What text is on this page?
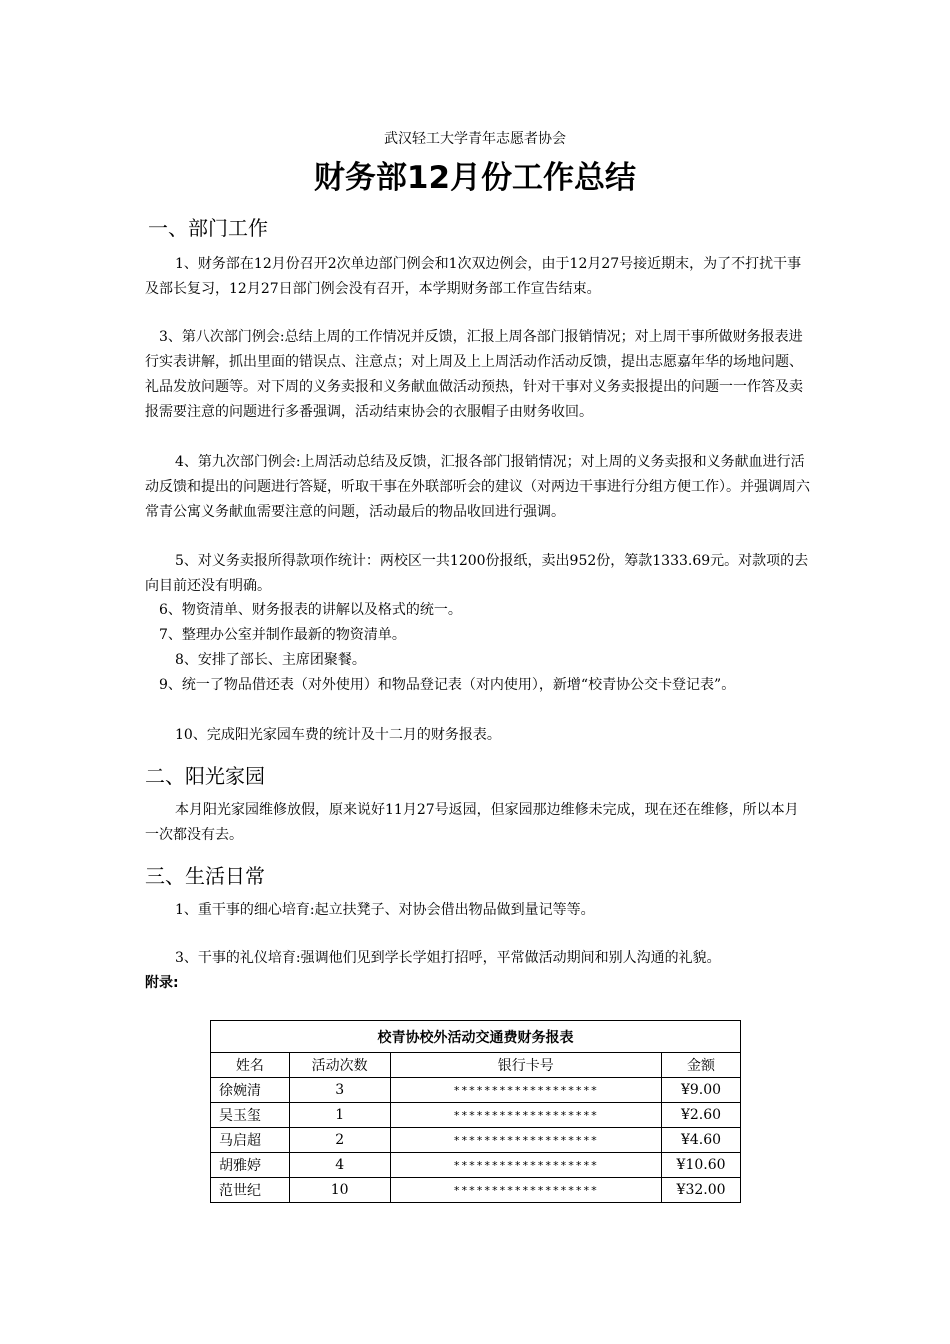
武汉轻工大学青年志愿者协会
财务部12月份工作总结
一、部门工作

1、财务部在12月份召开2次单边部门例会和1次双边例会，由于12月27号接近期末，为了不打扰干事及部长复习，12月27日部门例会没有召开，本学期财务部工作宣告结束。

3、第八次部门例会:总结上周的工作情况并反馈，汇报上周各部门报销情况；对上周干事所做财务报表进行实表讲解，抓出里面的错误点、注意点；对上周及上上周活动作活动反馈，提出志愿嘉年华的场地问题、礼品发放问题等。对下周的义务卖报和义务献血做活动预热，针对干事对义务卖报提出的问题一一作答及卖报需要注意的问题进行多番强调，活动结束协会的衣服帽子由财务收回。

4、第九次部门例会:上周活动总结及反馈，汇报各部门报销情况；对上周的义务卖报和义务献血进行活动反馈和提出的问题进行答疑，听取干事在外联部听会的建议（对两边干事进行分组方便工作）。并强调周六常青公寓义务献血需要注意的问题，活动最后的物品收回进行强调。

5、对义务卖报所得款项作统计：两校区一共1200份报纸，卖出952份，筹款1333.69元。对款项的去向目前还没有明确。

6、物资清单、财务报表的讲解以及格式的统一。

7、整理办公室并制作最新的物资清单。

8、安排了部长、主席团聚餐。

9、统一了物品借还表（对外使用）和物品登记表（对内使用），新增“校青协公交卡登记表”。

10、完成阳光家园车费的统计及十二月的财务报表。

二、阳光家园

本月阳光家园维修放假，原来说好11月27号返园，但家园那边维修未完成，现在还在维修，所以本月一次都没有去。

三、生活日常

1、重干事的细心培育:起立扶凳子、对协会借出物品做到量记等等。

3、干事的礼仪培育:强调他们见到学长学姐打招呼，平常做活动期间和别人沟通的礼貌。

附录:
校青协校外活动交通费财务报表			
姓名	活动次数	银行卡号	金额
徐婉清	3	*******************	¥9.00
吴玉玺	1	*******************	¥2.60
马启超	2	*******************	¥4.60
胡雅婷	4	*******************	¥10.60
范世纪	10	*******************	¥32.00
